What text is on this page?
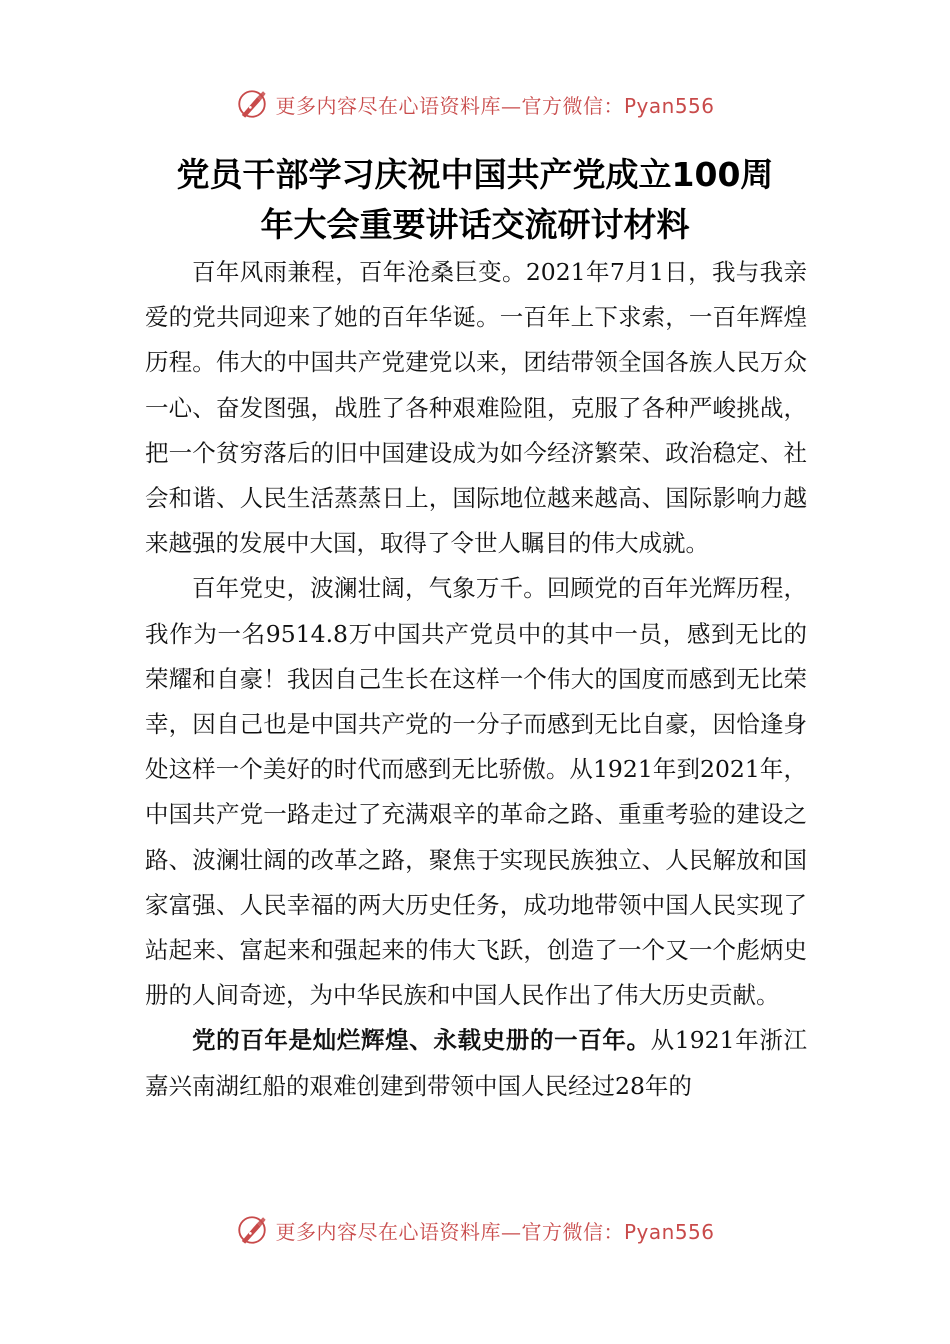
更多内容尽在心语资料库—官方微信：Pyan556
党员干部学习庆祝中国共产党成立100周
年大会重要讲话交流研讨材料

百年风雨兼程，百年沧桑巨变。2021年7月1日，我与我亲爱的党共同迎来了她的百年华诞。一百年上下求索，一百年辉煌历程。伟大的中国共产党建党以来，团结带领全国各族人民万众一心、奋发图强，战胜了各种艰难险阻，克服了各种严峻挑战，把一个贫穷落后的旧中国建设成为如今经济繁荣、政治稳定、社会和谐、人民生活蒸蒸日上，国际地位越来越高、国际影响力越来越强的发展中大国，取得了令世人瞩目的伟大成就。

百年党史，波澜壮阔，气象万千。回顾党的百年光辉历程，我作为一名9514.8万中国共产党员中的其中一员，感到无比的荣耀和自豪！我因自己生长在这样一个伟大的国度而感到无比荣幸，因自己也是中国共产党的一分子而感到无比自豪，因恰逢身处这样一个美好的时代而感到无比骄傲。从1921年到2021年，中国共产党一路走过了充满艰辛的革命之路、重重考验的建设之路、波澜壮阔的改革之路，聚焦于实现民族独立、人民解放和国家富强、人民幸福的两大历史任务，成功地带领中国人民实现了站起来、富起来和强起来的伟大飞跃，创造了一个又一个彪炳史册的人间奇迹，为中华民族和中国人民作出了伟大历史贡献。

党的百年是灿烂辉煌、永载史册的一百年。从1921年浙江嘉兴南湖红船的艰难创建到带领中国人民经过28年的

更多内容尽在心语资料库—官方微信：Pyan556
